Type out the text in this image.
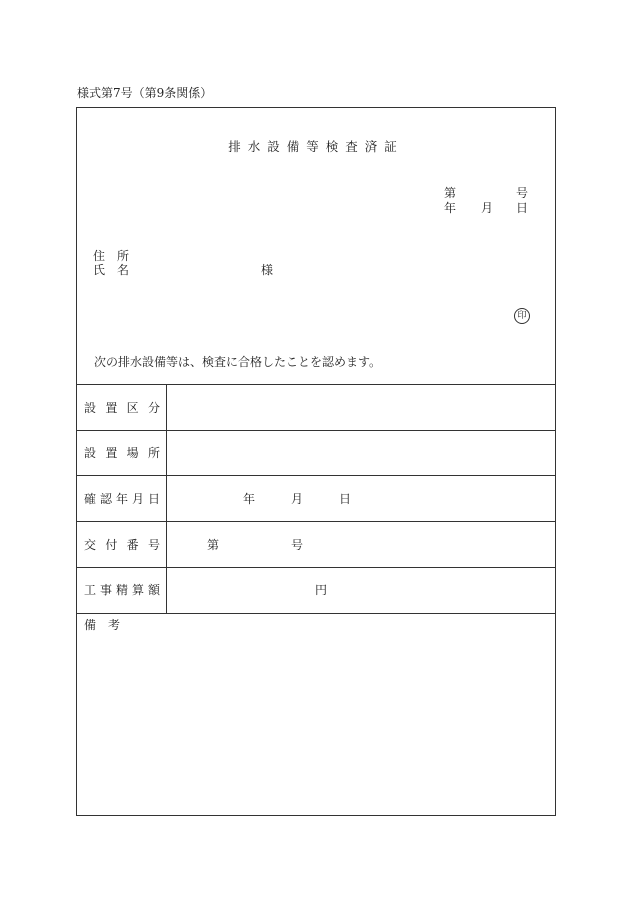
様式第7号（第9条関係）
排水設備等検査済証
第	号
年 月 日
住　所
氏　名	様
印
次の排水設備等は、検査に合格したことを認めます。
設 置 区 分
設 置 場 所
確 認 年 月 日	年	月	日
交 付 番 号	第	号
工 事 精 算 額	円
備　考
